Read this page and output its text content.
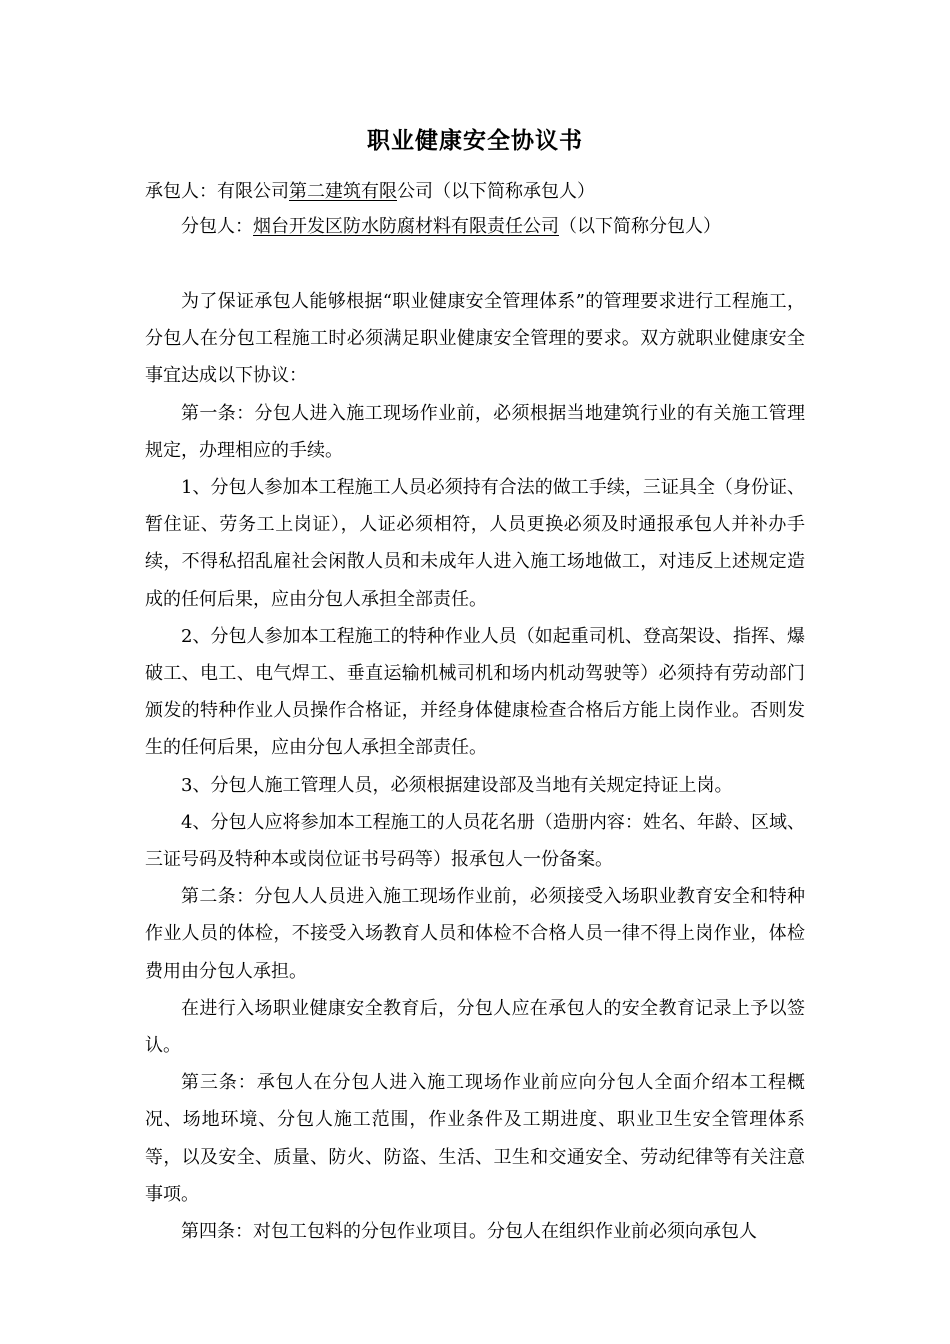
职业健康安全协议书
承包人：有限公司第二建筑有限公司（以下简称承包人）
分包人：烟台开发区防水防腐材料有限责任公司（以下简称分包人）

为了保证承包人能够根据“职业健康安全管理体系”的管理要求进行工程施工，分包人在分包工程施工时必须满足职业健康安全管理的要求。双方就职业健康安全事宜达成以下协议：

第一条：分包人进入施工现场作业前，必须根据当地建筑行业的有关施工管理规定，办理相应的手续。

1、分包人参加本工程施工人员必须持有合法的做工手续，三证具全（身份证、暂住证、劳务工上岗证），人证必须相符，人员更换必须及时通报承包人并补办手续，不得私招乱雇社会闲散人员和未成年人进入施工场地做工，对违反上述规定造成的任何后果，应由分包人承担全部责任。

2、分包人参加本工程施工的特种作业人员（如起重司机、登高架设、指挥、爆破工、电工、电气焊工、垂直运输机械司机和场内机动驾驶等）必须持有劳动部门颁发的特种作业人员操作合格证，并经身体健康检查合格后方能上岗作业。否则发生的任何后果，应由分包人承担全部责任。

3、分包人施工管理人员，必须根据建设部及当地有关规定持证上岗。

4、分包人应将参加本工程施工的人员花名册（造册内容：姓名、年龄、区域、三证号码及特种本或岗位证书号码等）报承包人一份备案。

第二条：分包人人员进入施工现场作业前，必须接受入场职业教育安全和特种作业人员的体检，不接受入场教育人员和体检不合格人员一律不得上岗作业，体检费用由分包人承担。

在进行入场职业健康安全教育后，分包人应在承包人的安全教育记录上予以签认。

第三条：承包人在分包人进入施工现场作业前应向分包人全面介绍本工程概况、场地环境、分包人施工范围，作业条件及工期进度、职业卫生安全管理体系等，以及安全、质量、防火、防盗、生活、卫生和交通安全、劳动纪律等有关注意事项。

第四条：对包工包料的分包作业项目。分包人在组织作业前必须向承包人
